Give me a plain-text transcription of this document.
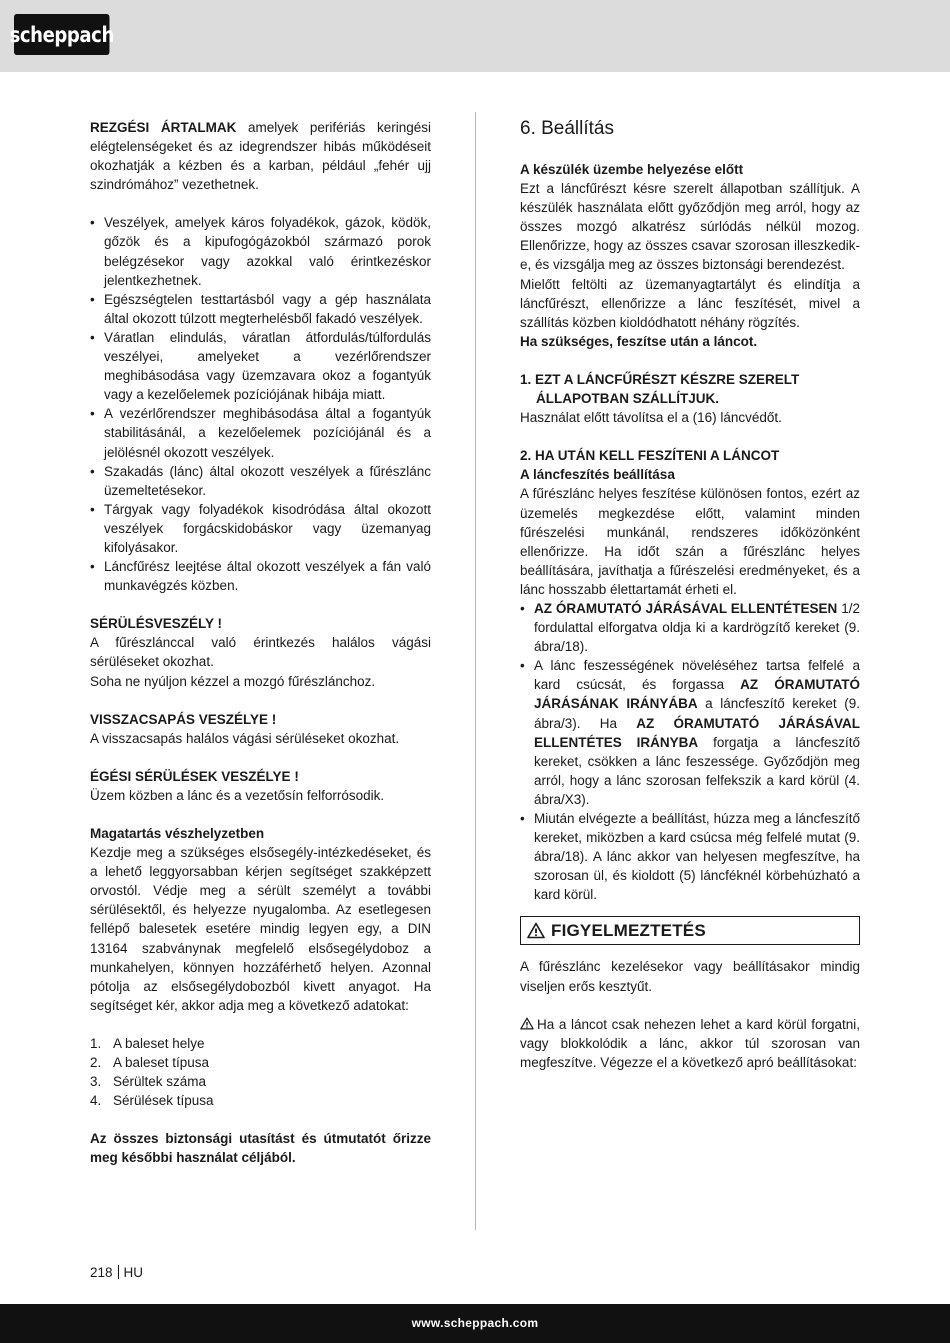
scheppach

REZGÉSI ÁRTALMAK amelyek perifériás keringési elégtelenségeket és az idegrendszer hibás működéseit okozhatják a kézben és a karban, például „fehér ujj szindrómához” vezethetnek.

• Veszélyek, amelyek káros folyadékok, gázok, ködök, gőzök és a kipufogógázokból származó porok belégzésekor vagy azokkal való érintkezéskor jelentkezhetnek.
• Egészségtelen testtartásból vagy a gép használata által okozott túlzott megterhelésből fakadó veszélyek.
• Váratlan elindulás, váratlan átfordulás/túlfordulás veszélyei, amelyeket a vezérlőrendszer meghibásodása vagy üzemzavara okoz a fogantyúk vagy a kezelőelemek pozíciójának hibája miatt.
• A vezérlőrendszer meghibásodása által a fogantyúk stabilitásánál, a kezelőelemek pozíciójánál és a jelölésnél okozott veszélyek.
• Szakadás (lánc) által okozott veszélyek a fűrészlánc üzemeltetésekor.
• Tárgyak vagy folyadékok kisodródása által okozott veszélyek forgácskidobáskor vagy üzemanyag kifolyásakor.
• Láncfűrész leejtése által okozott veszélyek a fán való munkavégzés közben.

SÉRÜLÉSVESZÉLY !

A fűrészlánccal való érintkezés halálos vágási sérüléseket okozhat.

Soha ne nyúljon kézzel a mozgó fűrészlánchoz.

VISSZACSAPÁS VESZÉLYE !

A visszacsapás halálos vágási sérüléseket okozhat.

ÉGÉSI SÉRÜLÉSEK VESZÉLYE !

Üzem közben a lánc és a vezetősín felforrósodik.

Magatartás vészhelyzetben

Kezdje meg a szükséges elsősegély-intézkedéseket, és a lehető leggyorsabban kérjen segítséget szakképzett orvostól. Védje meg a sérült személyt a további sérülésektől, és helyezze nyugalomba. Az esetlegesen fellépő balesetek esetére mindig legyen egy, a DIN 13164 szabványnak megfelelő elsősegélydoboz a munkahelyen, könnyen hozzáférhető helyen. Azonnal pótolja az elsősegélydobozból kivett anyagot. Ha segítséget kér, akkor adja meg a következő adatokat:

1. A baleset helye
2. A baleset típusa
3. Sérültek száma
4. Sérülések típusa

Az összes biztonsági utasítást és útmutatót őrizze meg későbbi használat céljából.

6. Beállítás

A készülék üzembe helyezése előtt

Ezt a láncfűrészt késre szerelt állapotban szállítjuk. A készülék használata előtt győződjön meg arról, hogy az összes mozgó alkatrész súrlódás nélkül mozog. Ellenőrizze, hogy az összes csavar szorosan illeszkedik-e, és vizsgálja meg az összes biztonsági berendezést.

Mielőtt feltölti az üzemanyagtartályt és elindítja a láncfűrészt, ellenőrizze a lánc feszítését, mivel a szállítás közben kioldódhatott néhány rögzítés.

Ha szükséges, feszítse után a láncot.

1. EZT A LÁNCFŰRÉSZT KÉSZRE SZERELT ÁLLAPOTBAN SZÁLLÍTJUK.

Használat előtt távolítsa el a (16) láncvédőt.

2. HA UTÁN KELL FESZÍTENI A LÁNCOT

A láncfeszítés beállítása

A fűrészlánc helyes feszítése különösen fontos, ezért az üzemelés megkezdése előtt, valamint minden fűrészelési munkánál, rendszeres időközönként ellenőrizze. Ha időt szán a fűrészlánc helyes beállítására, javíthatja a fűrészelési eredményeket, és a lánc hosszabb élettartamát érheti el.

• AZ ÓRAMUTATÓ JÁRÁSÁVAL ELLENTÉTESEN 1/2 fordulattal elforgatva oldja ki a kardrögzítő kereket (9. ábra/18).
• A lánc feszességének növeléséhez tartsa felfelé a kard csúcsát, és forgassa AZ ÓRAMUTATÓ JÁRÁSÁNAK IRÁNYÁBA a láncfeszítő kereket (9. ábra/3). Ha AZ ÓRAMUTATÓ JÁRÁSÁVAL ELLENTÉTES IRÁNYBA forgatja a láncfeszítő kereket, csökken a lánc feszessége. Győződjön meg arról, hogy a lánc szorosan felfekszik a kard körül (4. ábra/X3).
• Miután elvégezte a beállítást, húzza meg a láncfeszítő kereket, miközben a kard csúcsa még felfelé mutat (9. ábra/18). A lánc akkor van helyesen megfeszítve, ha szorosan ül, és kioldott (5) láncféknél körbehúzható a kard körül.
FIGYELMEZTETÉS

A fűrészlánc kezelésekor vagy beállításakor mindig viseljen erős kesztyűt.

Ha a láncot csak nehezen lehet a kard körül forgatni, vagy blokkolódik a lánc, akkor túl szorosan van megfeszítve. Végezze el a következő apró beállításokat:

218 HU
www.scheppach.com
